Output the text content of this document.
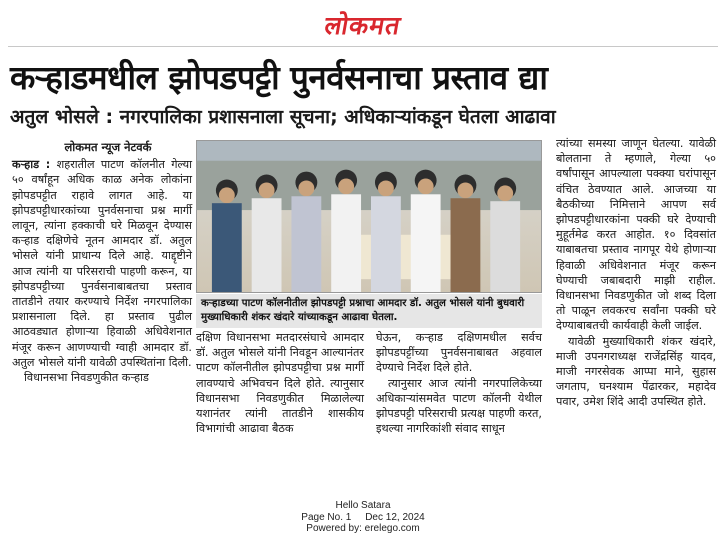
लोकमत
कऱ्हाडमधील झोपडपट्टी पुनर्वसनाचा प्रस्ताव द्या
अतुल भोसले : नगरपालिका प्रशासनाला सूचना; अधिकाऱ्यांकडून घेतला आढावा

लोकमत न्यूज नेटवर्क

कऱ्हाड : शहरातील पाटण कॉलनीत गेल्या ५० वर्षांहून अधिक काळ अनेक लोकांना झोपडपट्टीत राहावे लागत आहे. या झोपडपट्टीधारकांच्या पुनर्वसनाचा प्रश्न मार्गी लावून, त्यांना हक्काची घरे मिळवून देण्यास कऱ्हाड दक्षिणेचे नूतन आमदार डॉ. अतुल भोसले यांनी प्राधान्य दिले आहे. याद्दृष्टीने आज त्यांनी या परिसराची पाहणी करून, या झोपडपट्टीच्या पुनर्वसनाबाबतचा प्रस्ताव तातडीने तयार करण्याचे निर्देश नगरपालिका प्रशासनाला दिले. हा प्रस्ताव पुढील आठवड्यात होणाऱ्या हिवाळी अधिवेशनात मंजूर करून आणण्याची ग्वाही आमदार डॉ. अतुल भोसले यांनी यावेळी उपस्थितांना दिली.

विधानसभा निवडणुकीत कऱ्हाड

कऱ्हाडच्या पाटण कॉलनीतील झोपडपट्टी प्रश्नाचा आमदार डॉ. अतुल भोसले यांनी बुधवारी मुख्याधिकारी शंकर खंदारे यांच्याकडून आढावा घेतला.

दक्षिण विधानसभा मतदारसंघाचे आमदार डॉ. अतुल भोसले यांनी निवडून आल्यानंतर पाटण कॉलनीतील झोपडपट्टीचा प्रश्न मार्गी लावण्याचे अभिवचन दिले होते. त्यानुसार विधानसभा निवडणुकीत मिळालेल्या यशानंतर त्यांनी तातडीने शासकीय विभागांची आढावा बैठक

घेऊन, कऱ्हाड दक्षिणमधील सर्वच झोपडपट्टींच्या पुनर्वसनाबाबत अहवाल देण्याचे निर्देश दिले होते.

त्यानुसार आज त्यांनी नगरपालिकेच्या अधिकाऱ्यांसमवेत पाटण कॉलनी येथील झोपडपट्टी परिसराची प्रत्यक्ष पाहणी करत, इथल्या नागरिकांशी संवाद साधून

त्यांच्या समस्या जाणून घेतल्या. यावेळी बोलताना ते म्हणाले, गेल्या ५० वर्षांपासून आपल्याला पक्क्या घरांपासून वंचित ठेवण्यात आले. आजच्या या बैठकीच्या निमित्ताने आपण सर्व झोपडपट्टीधारकांना पक्की घरे देण्याची मुहूर्तमेढ करत आहोत. १० दिवसांत याबाबतचा प्रस्ताव नागपूर येथे होणाऱ्या हिवाळी अधिवेशनात मंजूर करून घेण्याची जबाबदारी माझी राहील. विधानसभा निवडणुकीत जो शब्द दिला तो पाळून लवकरच सर्वांना पक्की घरे देण्याबाबतची कार्यवाही केली जाईल.

यावेळी मुख्याधिकारी शंकर खंदारे, माजी उपनगराध्यक्ष राजेंद्रसिंह यादव, माजी नगरसेवक आप्पा माने, सुहास जगताप, घनश्याम पेंढारकर, महादेव पवार, उमेश शिंदे आदी उपस्थित होते.

Hello Satara
Page No. 1     Dec 12, 2024
Powered by: erelego.com
